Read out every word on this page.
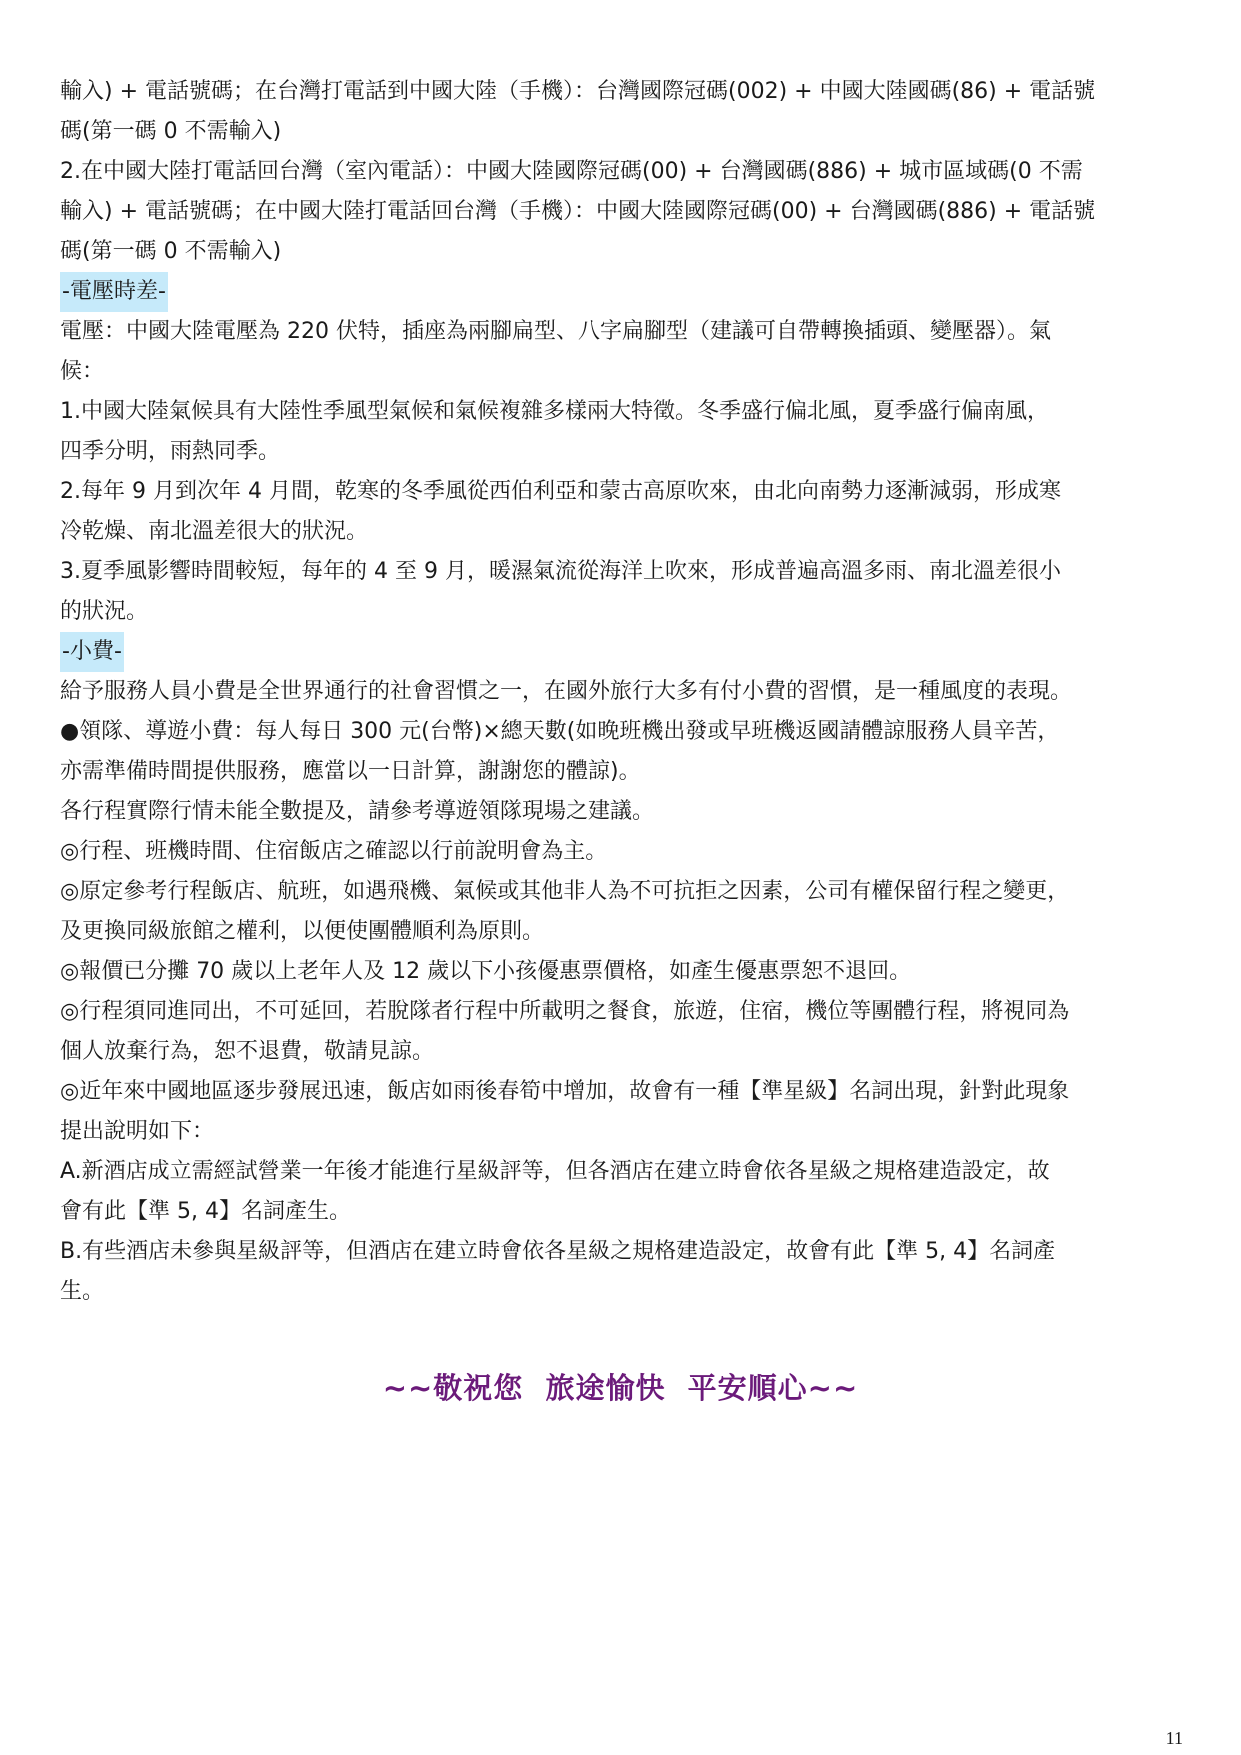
輸入) + 電話號碼；在台灣打電話到中國大陸（手機）：台灣國際冠碼(002) + 中國大陸國碼(86) + 電話號
碼(第一碼 0 不需輸入)
2.在中國大陸打電話回台灣（室內電話）：中國大陸國際冠碼(00) + 台灣國碼(886) + 城市區域碼(0 不需
輸入) + 電話號碼；在中國大陸打電話回台灣（手機）：中國大陸國際冠碼(00) + 台灣國碼(886) + 電話號
碼(第一碼 0 不需輸入)
-電壓時差-
電壓：中國大陸電壓為 220 伏特，插座為兩腳扁型、八字扁腳型（建議可自帶轉換插頭、變壓器）。氣
候：
1.中國大陸氣候具有大陸性季風型氣候和氣候複雜多樣兩大特徵。冬季盛行偏北風，夏季盛行偏南風，
四季分明，雨熱同季。
2.每年 9 月到次年 4 月間，乾寒的冬季風從西伯利亞和蒙古高原吹來，由北向南勢力逐漸減弱，形成寒
冷乾燥、南北溫差很大的狀況。
3.夏季風影響時間較短，每年的 4 至 9 月，暖濕氣流從海洋上吹來，形成普遍高溫多雨、南北溫差很小
的狀況。
-小費-
給予服務人員小費是全世界通行的社會習慣之一，在國外旅行大多有付小費的習慣，是一種風度的表現。
●領隊、導遊小費：每人每日 300 元(台幣)×總天數(如晚班機出發或早班機返國請體諒服務人員辛苦，
亦需準備時間提供服務，應當以一日計算，謝謝您的體諒)。
各行程實際行情未能全數提及，請參考導遊領隊現場之建議。
◎行程、班機時間、住宿飯店之確認以行前說明會為主。
◎原定參考行程飯店、航班，如遇飛機、氣候或其他非人為不可抗拒之因素，公司有權保留行程之變更，
及更換同級旅館之權利，以便使團體順利為原則。
◎報價已分攤 70 歲以上老年人及 12 歲以下小孩優惠票價格，如產生優惠票恕不退回。
◎行程須同進同出，不可延回，若脫隊者行程中所載明之餐食，旅遊，住宿，機位等團體行程，將視同為
個人放棄行為，恕不退費，敬請見諒。
◎近年來中國地區逐步發展迅速，飯店如雨後春筍中增加，故會有一種【準星級】名詞出現，針對此現象
提出說明如下：
A.新酒店成立需經試營業一年後才能進行星級評等，但各酒店在建立時會依各星級之規格建造設定，故
會有此【準 5, 4】名詞產生。
B.有些酒店未參與星級評等，但酒店在建立時會依各星級之規格建造設定，故會有此【準 5, 4】名詞產
生。
~~敬祝您  旅途愉快  平安順心~~
11
